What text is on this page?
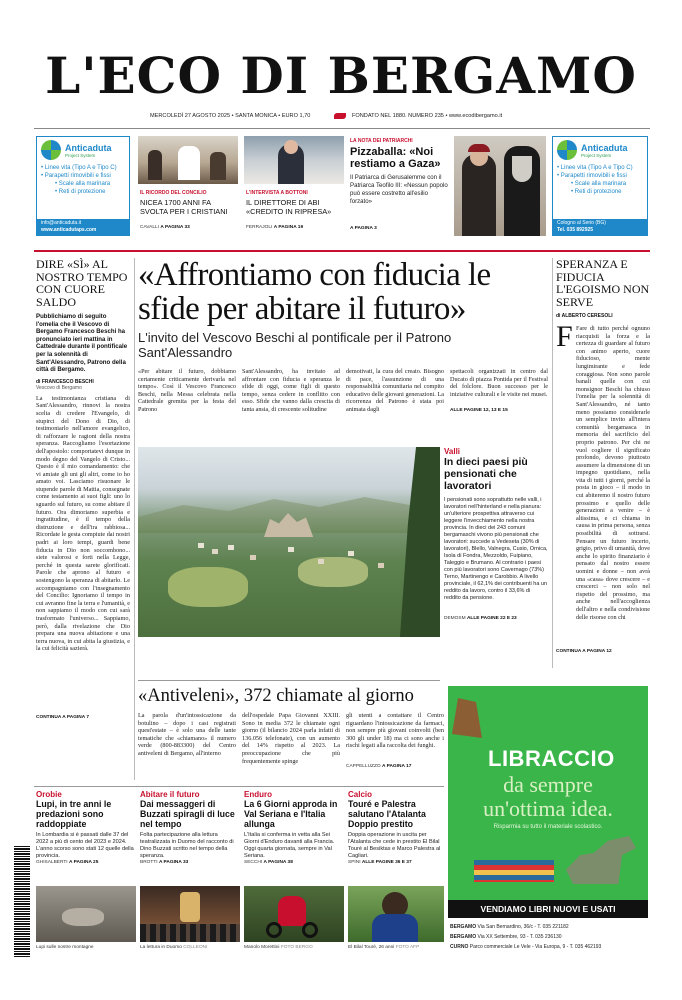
L'ECO DI BERGAMO
MERCOLEDÌ 27 AGOSTO 2025 • SANTA MONICA • EURO 1,70	FONDATO NEL 1880. NUMERO 235 • www.ecodibergamo.it
Anticaduta
Project System
• Linee vita (Tipo A e Tipo C)
• Parapetti rimovibili e fissi
• Scale alla marinara
• Reti di protezione
info@anticaduta.it
www.anticadutaps.com
Anticaduta
Project System
• Linee vita (Tipo A e Tipo C)
• Parapetti rimovibili e fissi
• Scale alla marinara
• Reti di protezione
Cologno al Serio (BG)
Tel. 035 892925
IL RICORDO DEL CONCILIO
NICEA 1700 ANNI FA SVOLTA PER I CRISTIANI
CAVALLI A PAGINA 33
L'INTERVISTA A BOTTONI
IL DIRETTORE DI ABI «CREDITO IN RIPRESA»
FERRAJOLI A PAGINA 19
LA NOTA DEI PATRIARCHI
Pizzaballa: «Noi restiamo a Gaza»
Il Patriarca di Gerusalemme con il Patriarca Teofilo III: «Nessun popolo può essere costretto all'esilio forzato»
A PAGINA 3
DIRE «SÌ» AL NOSTRO TEMPO CON CUORE SALDO
Pubblichiamo di seguito l'omelia che il Vescovo di Bergamo Francesco Beschi ha pronunciato ieri mattina in Cattedrale durante il pontificale per la solennità di Sant'Alessandro, Patrono della città di Bergamo.
di FRANCESCO BESCHI
Vescovo di Bergamo
La testimonianza cristiana di Sant'Alessandro, rinnovi la nostra scelta di credere l'Evangelo, di stupirci del Dono di Dio, di testimoniarlo nell'amore evangelico, di rafforzare le ragioni della nostra speranza. Raccogliamo l'esortazione dell'apostolo: comportatevi dunque in modo degno del Vangelo di Cristo... Questo è il mio comandamento: che vi amiate gli uni gli altri, come io ho amato voi. Lasciamo risuonare le stupende parole di Mattia, consegnate come testamento ai suoi figli: uno lo sguardo sul futuro, su come abitare il futuro. Ora dimoriamo superbia e ingratitudine, è il tempo della distruzione e dell'ira rabbiosa... Ricordate le gesta compiute dai nostri padri ai loro tempi, guardi bene fiducia in Dio non soccombono... siete valorosi e forti nella Legge, perché in questa sarete glorificati. Parole che aprono al futuro e sostengono la speranza di abitarlo. Le accompagniamo con l'insegnamento del Concilio: Ignoriamo il tempo in cui avranno fine la terra e l'umanità, e non sappiamo il modo con cui sarà trasformato l'universo... Sappiamo, però, dalla rivelazione che Dio prepara una nuova abitazione e una terra nuova, in cui abita la giustizia, e la cui felicità sazierà.
CONTINUA A PAGINA 7
«Affrontiamo con fiducia le sfide per abitare il futuro»
L'invito del Vescovo Beschi al pontificale per il Patrono Sant'Alessandro
«Per abitare il futuro, dobbiamo certamente criticamente derivarla nel tempo». Così il Vescovo Francesco Beschi, nella Messa celebrata nella Cattedrale gremita per la festa del Patrono
Sant'Alessandro, ha invitato ad affrontare con fiducia e speranza le sfide di oggi, come figli di questo tempo, senza cedere in conflitto con esso. Sfide che vanno dalla crescita di tanta ansia, di crescente solitudine
demotivati, la cura del creato. Bisogno di pace, l'assunzione di una responsabilità comunitaria nel compito educativo delle giovani generazioni. La ricorrenza del Patrono è stata poi animata dagli
spettacoli organizzati in centro dal Ducato di piazza Pontida per il Festival del folclore. Buon successo per le iniziative culturali e le visite nei musei.
ALLE PAGINE 12, 13 E 15
Valli
In dieci paesi più pensionati che lavoratori
I pensionati sono soprattutto nelle valli, i lavoratori nell'hinterland e nella pianura: un'ulteriore prospettiva attraverso cui leggere l'invecchiamento nella nostra provincia. In dieci dei 243 comuni bergamaschi vivono più pensionati che lavoratori: succede a Vedeseta (30% di lavoratori), Blello, Valnegra, Cusio, Ornica, Isola di Fondra, Mezzoldo, Fuipiano, Taleggio e Brumano. Al contrario i paesi con più lavoratori sono Cavernago (73%) Terno, Martinengo e Carobbio. A livello provinciale, il 62,1% dei contribuenti ha un reddito da lavoro, contro il 33,6% di reddito da pensione.
DEMOSM ALLE PAGINE 22 E 23
SPERANZA E FIDUCIA L'EGOISMO NON SERVE
di ALBERTO CERESOLI
F Fare di tutto perché ognuno riacquisti la forza e la certezza di guardare al futuro con animo aperto, cuore fiducioso, mente lungimirante e fede coraggiosa. Non sono parole banali quelle con cui monsignor Beschi ha chiuso l'omelia per la solennità di Sant'Alessandro, né tanto meno possiamo considerarle un semplice invito all'intera comunità bergamasca in memoria del sacrificio del proprio patrono. Per chi ne vuol cogliere il significato profondo, devono piuttosto assumere la dimensione di un impegno quotidiano, nella vita di tutti i giorni, perché la posta in gioco – il modo in cui abiteremo il nostro futuro prossimo e quello delle generazioni a venire – è altissima, e ci chiama in causa in prima persona, senza possibilità di sottrarsi. Pensare un futuro incerto, grigio, privo di umanità, dove anche lo spirito finanziario è pensato dal nostro essere uomini e donne – non avrà una «casa» dove crescere – e crescerci – non solo nel rispetto del prossimo, ma anche nell'accoglienza dell'altro e nella condivisione delle risorse con chi
CONTINUA A PAGINA 12
«Antiveleni», 372 chiamate al giorno
La parola d'un'intossicazione da botulino – dopo i casi registrati quest'estate – è solo una delle tante tematiche che «chiamano» il numero verde (800-883300) del Centro antiveleni di Bergamo, all'interno
dell'ospedale Papa Giovanni XXIII. Sono in media 372 le chiamate ogni giorno (il bilancio 2024 parla infatti di 136.056 telefonate), con un aumento del 14% rispetto al 2023. La preoccupazione che più frequentemente spinge
gli utenti a contattare il Centro riguardano l'intossicazione da farmaci, non sempre più giovani coinvolti (ben 300 gli under 18) ma ci sono anche i rischi legati alla raccolta dei funghi.
CAPPELLUZZO A PAGINA 17	LIBRACCIO
da sempre
un'ottima idea.
Risparmia su tutto il materiale scolastico.
VENDIAMO LIBRI NUOVI E USATI
BERGAMO Via San Bernardino, 36/c - T. 035 221182
BERGAMO Via XX Settembre, 93 - T. 035 236130
CURNO Parco commerciale Le Vele - Via Europa, 9 - T. 035 462193
Orobie
Lupi, in tre anni le predazioni sono raddoppiate
In Lombardia si è passati dalle 37 del 2022 a più di cento del 2023 e 2024. L'anno scorso sono stati 12 quelle della provincia.
GHISALBERTI A PAGINA 25
Lupi sulle nostre montagne
Abitare il futuro
Dai messaggeri di Buzzati spiragli di luce nel tempo
Folta partecipazione alla lettura teatralizzata in Duomo del racconto di Dino Buzzati scritto nel tempo della speranza.
BROTTI A PAGINA 33
La lettura in Duomo COLLEONI
Enduro
La 6 Giorni approda in Val Seriana e l'Italia allunga
L'Italia si conferma in vetta alla Sei Giorni d'Enduro davanti alla Francia. Oggi quarta giornata, sempre in Val Seriana.
SECCHI A PAGINA 38
Manolo Morettini FOTO BERGO
Calcio
Touré e Palestra salutano l'Atalanta Doppio prestito
Doppia operazione in uscita per l'Atalanta che cede in prestito El Bilal Touré al Besiktas e Marco Palestra al Cagliari.
SPINI ALLE PAGINE 36 E 37
El Bilal Touré, 26 anni FOTO AFP
